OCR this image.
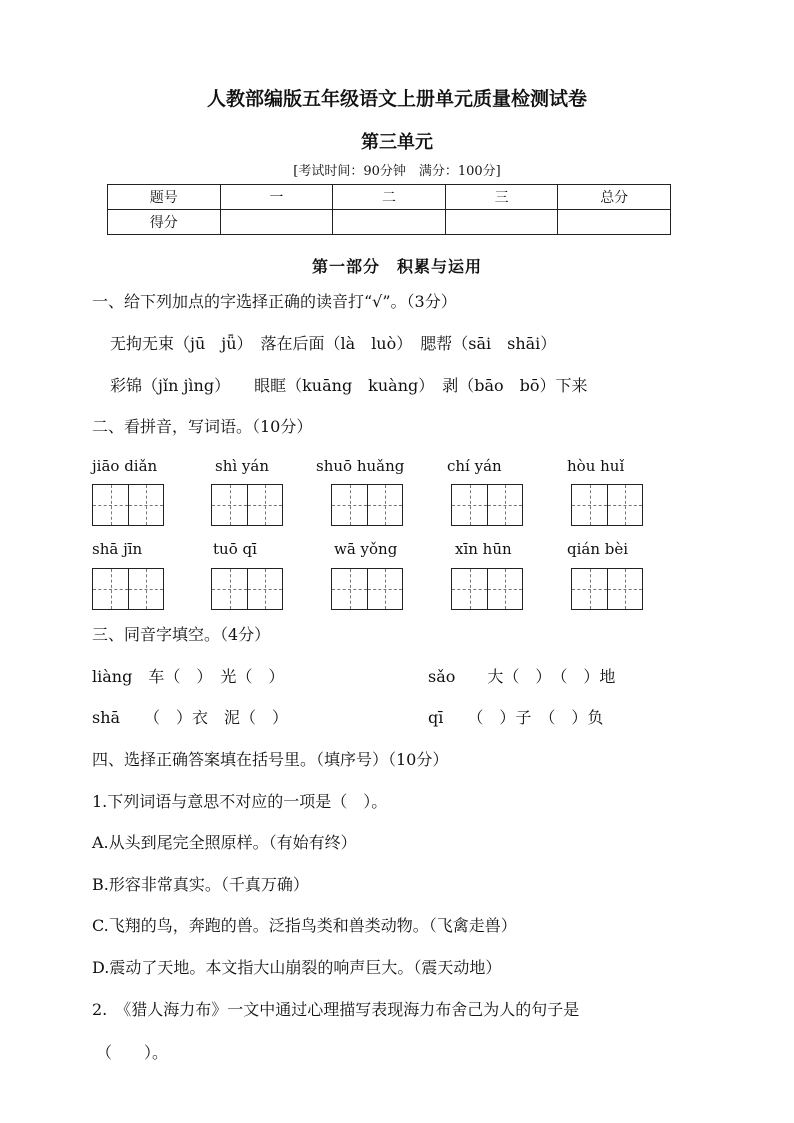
人教部编版五年级语文上册单元质量检测试卷
第三单元
[考试时间：90分钟　满分：100分]
题号	一	二	三	总分
得分				
第一部分　积累与运用
一、给下列加点的字选择正确的读音打“√”。（3分）
无拘无束（jū　jǖ）　落在后面（là　luò）　腮帮（sāi　shāi）
彩锦（jǐn jìng）　　眼眶（kuāng　kuàng）　剥（bāo　bō）下来
二、看拼音，写词语。（10分）
jiāo diǎn	shì yán	shuō huǎng	chí yán	hòu huǐ
shā jīn	tuō qī	wā yǒng	xīn hūn	qián bèi
三、同音字填空。（4分）
liàng　车（　）　光（　）	sǎo　　大（　）　（　）地
shā　　（　）衣　泥（　）	qī　　（　）子　（　）负
四、选择正确答案填在括号里。（填序号）（10分）
1.下列词语与意思不对应的一项是（　）。
A.从头到尾完全照原样。（有始有终）
B.形容非常真实。（千真万确）
C.飞翔的鸟，奔跑的兽。泛指鸟类和兽类动物。（飞禽走兽）
D.震动了天地。本文指大山崩裂的响声巨大。（震天动地）
2.　《猎人海力布》一文中通过心理描写表现海力布舍己为人的句子是
（　　）。
